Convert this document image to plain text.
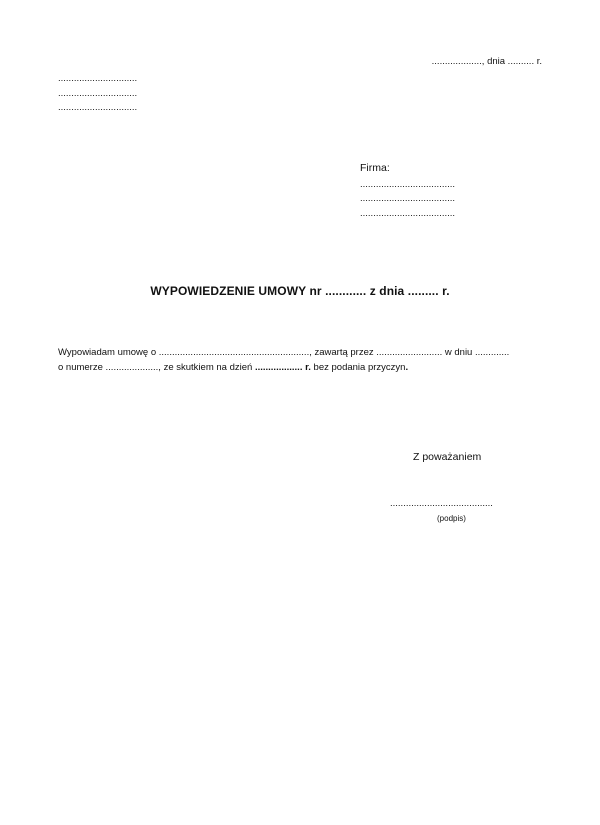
..................., dnia .......... r.
..............................
..............................
..............................
Firma:
....................................
....................................
....................................
WYPOWIEDZENIE UMOWY nr ............ z dnia ......... r.
Wypowiadam umowę o ........................................................., zawartą przez ......................... w dniu .............
o numerze ...................., ze skutkiem na dzień .................. r. bez podania przyczyn.
Z poważaniem
.......................................
(podpis)
